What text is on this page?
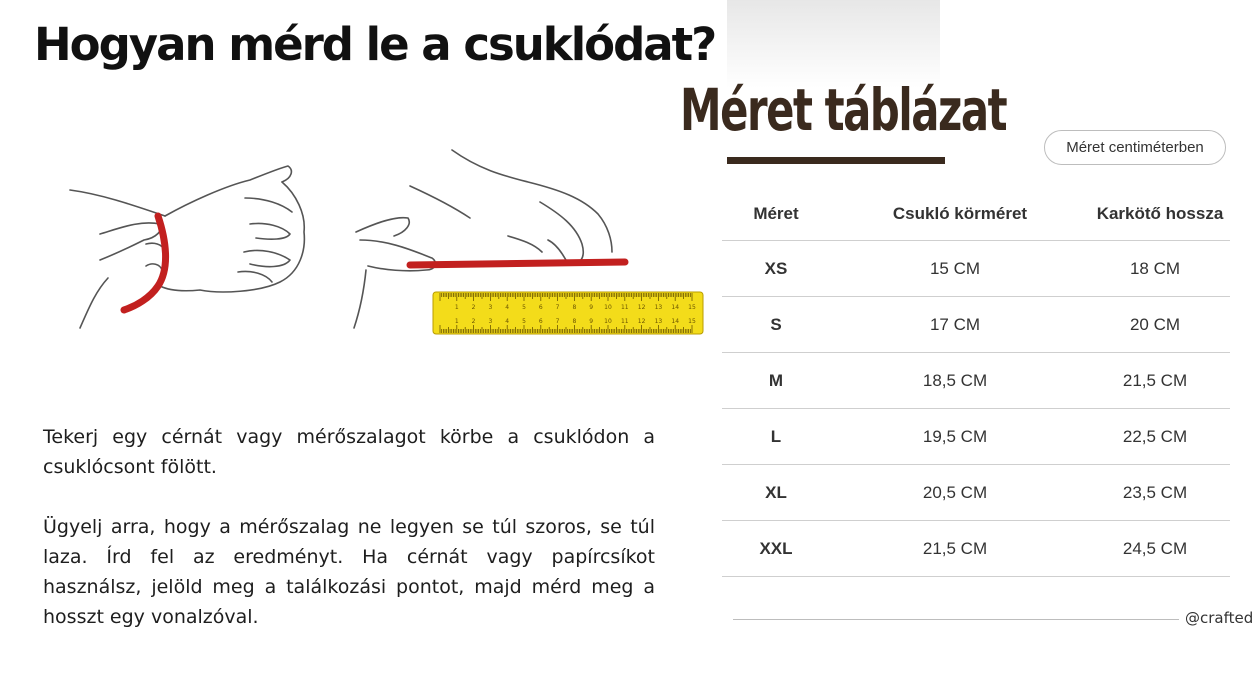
Hogyan mérd le a csuklódat?
Méret táblázat
Méret centiméterben
1
1
2
2
3
3
4
4
5
5
6
6
7
7
8
8
9
9
10
10
11
11
12
12
13
13
14
14
15
15

Tekerj egy cérnát vagy mérőszalagot körbe a csuklódon a csuklócsont fölött.

Ügyelj arra, hogy a mérőszalag ne legyen se túl szoros, se túl laza. Írd fel az eredményt. Ha cérnát vagy papírcsíkot használsz, jelöld meg a találkozási pontot, majd mérd meg a hosszt egy vonalzóval.

Méret	Csukló körméret	Karkötő hossza
XS	15 CM	18 CM
S	17 CM	20 CM
M	18,5 CM	21,5 CM
L	19,5 CM	22,5 CM
XL	20,5 CM	23,5 CM
XXL	21,5 CM	24,5 CM
@crafted
